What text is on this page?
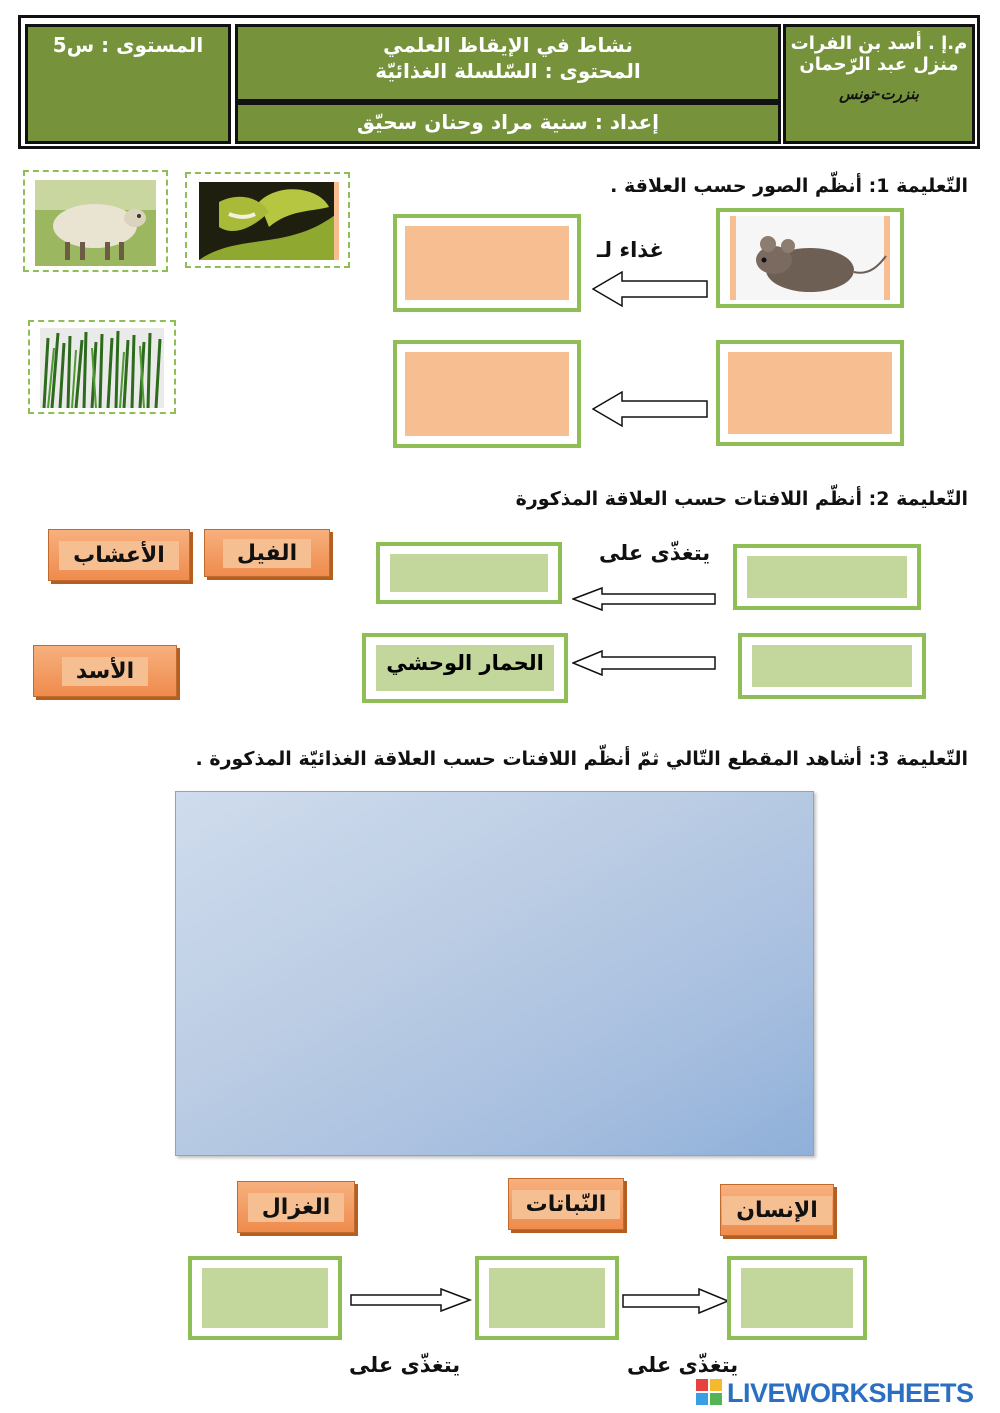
م.إ . أسد بن الفرات
منزل عبد الرّحمان
بنزرت-تونس
نشاط في الإيقاظ العلمي
المحتوى : السّلسلة الغذائيّة
إعداد : سنية مراد وحنان سحيّق
المستوى : س5
التّعليمة 1: أنظّم الصور حسب العلاقة .
غذاء لـ
التّعليمة 2: أنظّم اللافتات حسب العلاقة المذكورة
الفيل
الأعشاب
الأسد
يتغذّى على
الحمار الوحشي
التّعليمة 3: أشاهد المقطع التّالي ثمّ أنظّم اللافتات حسب العلاقة الغذائيّة المذكورة .
الغزال	النّباتات	الإنسان
يتغذّى على	يتغذّى على
LIVEWORKSHEETS
